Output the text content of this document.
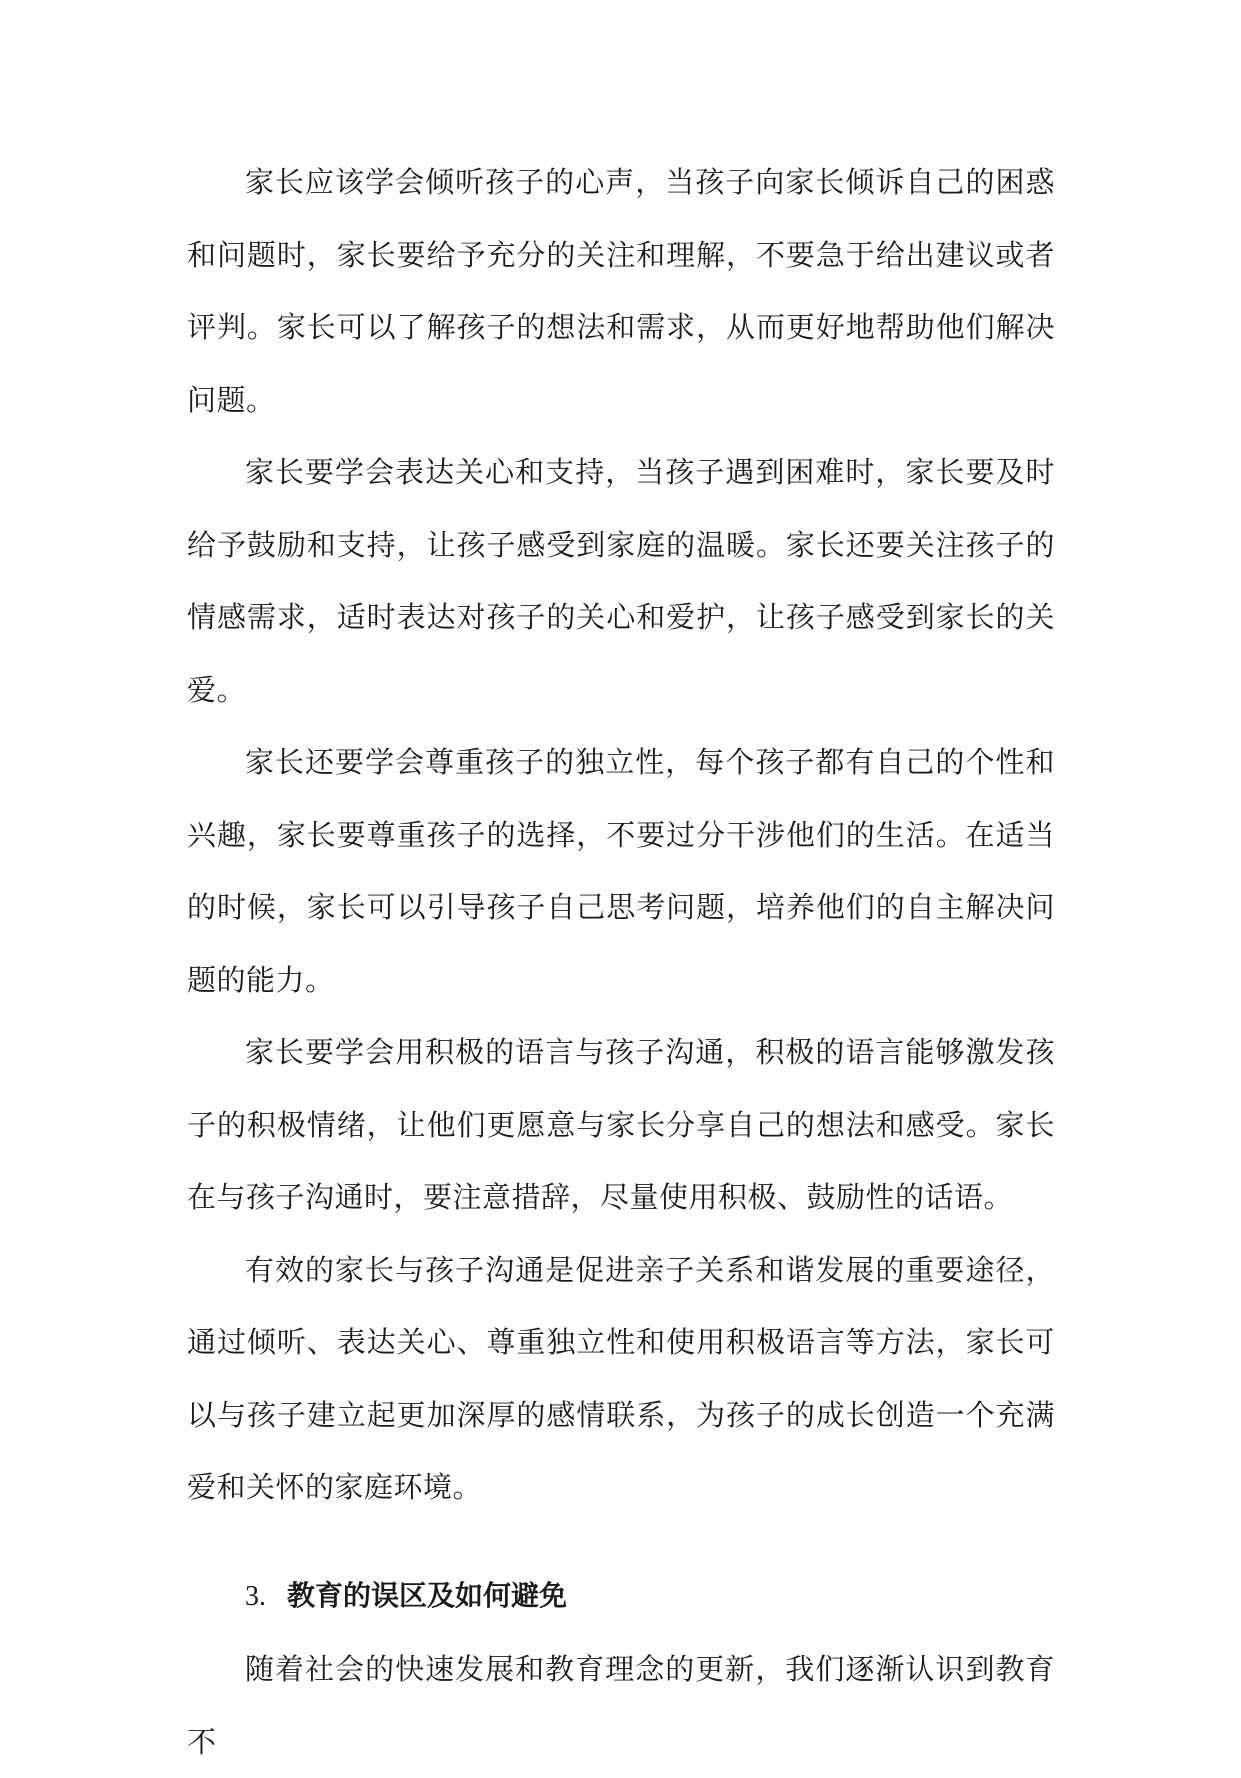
家长应该学会倾听孩子的心声，当孩子向家长倾诉自己的困惑和问题时，家长要给予充分的关注和理解，不要急于给出建议或者评判。家长可以了解孩子的想法和需求，从而更好地帮助他们解决问题。

家长要学会表达关心和支持，当孩子遇到困难时，家长要及时给予鼓励和支持，让孩子感受到家庭的温暖。家长还要关注孩子的情感需求，适时表达对孩子的关心和爱护，让孩子感受到家长的关爱。

家长还要学会尊重孩子的独立性，每个孩子都有自己的个性和兴趣，家长要尊重孩子的选择，不要过分干涉他们的生活。在适当的时候，家长可以引导孩子自己思考问题，培养他们的自主解决问题的能力。

家长要学会用积极的语言与孩子沟通，积极的语言能够激发孩子的积极情绪，让他们更愿意与家长分享自己的想法和感受。家长在与孩子沟通时，要注意措辞，尽量使用积极、鼓励性的话语。

有效的家长与孩子沟通是促进亲子关系和谐发展的重要途径，通过倾听、表达关心、尊重独立性和使用积极语言等方法，家长可以与孩子建立起更加深厚的感情联系，为孩子的成长创造一个充满爱和关怀的家庭环境。

3. 教育的误区及如何避免

随着社会的快速发展和教育理念的更新，我们逐渐认识到教育不
